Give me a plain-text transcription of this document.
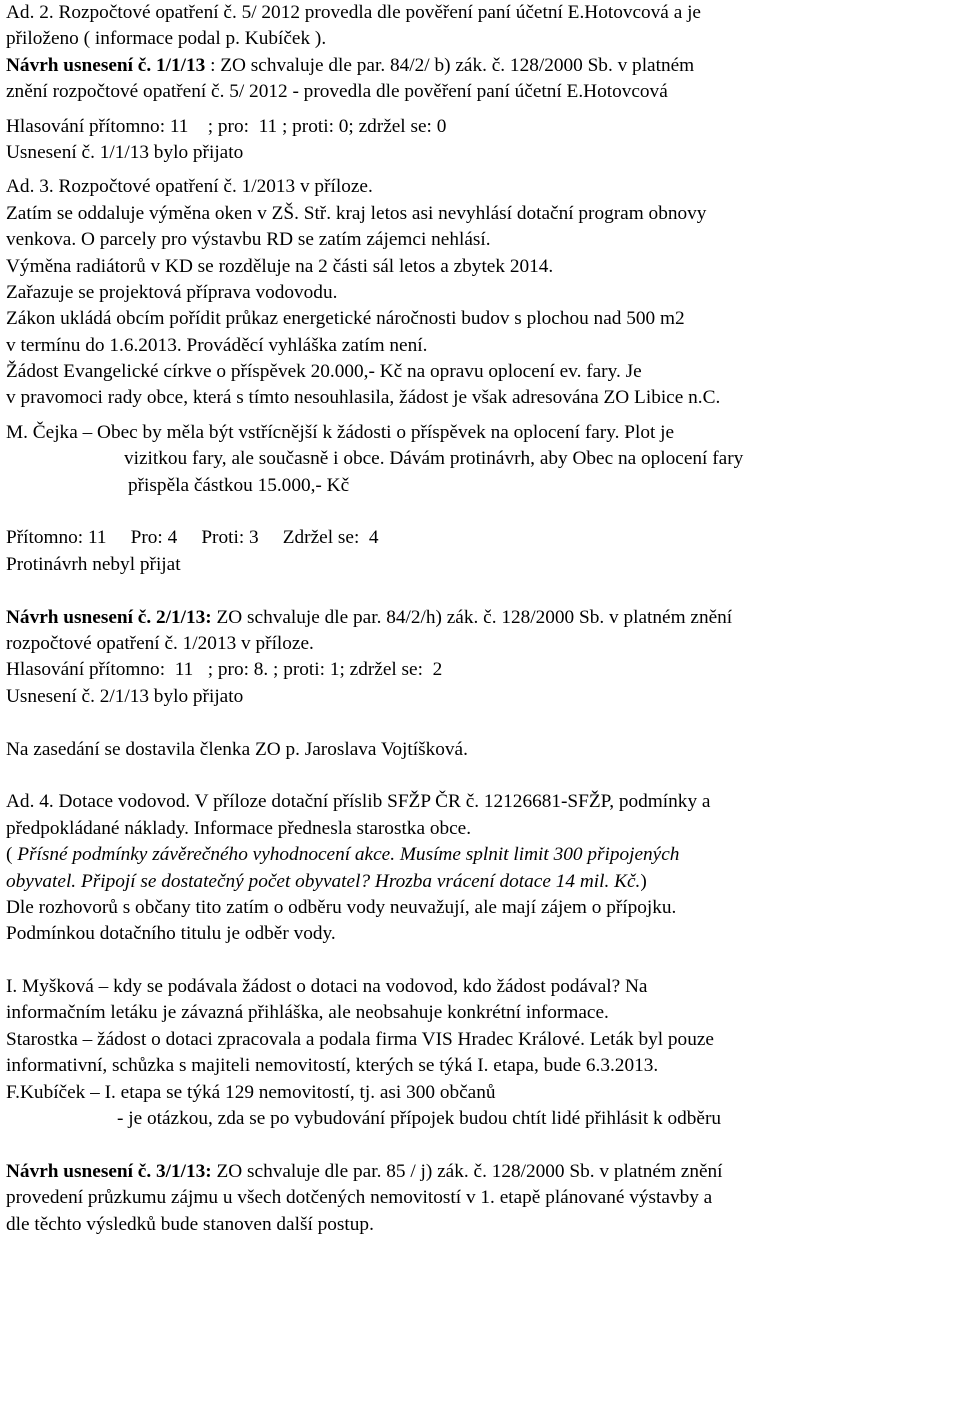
Ad. 2. Rozpočtové opatření č. 5/ 2012 provedla dle pověření paní účetní E.Hotovcová a je

přiloženo ( informace podal p. Kubíček ).

Návrh usnesení č. 1/1/13 : ZO schvaluje dle par. 84/2/ b) zák. č. 128/2000 Sb. v platném

znění rozpočtové opatření č. 5/ 2012 - provedla dle pověření paní účetní E.Hotovcová

Hlasování přítomno: 11    ; pro:  11 ; proti: 0; zdržel se: 0

Usnesení č. 1/1/13 bylo přijato

Ad. 3. Rozpočtové opatření č. 1/2013 v příloze.

Zatím se oddaluje výměna oken v ZŠ. Stř. kraj letos asi nevyhlásí dotační program obnovy

venkova. O parcely pro výstavbu RD se zatím zájemci nehlásí.

Výměna radiátorů v KD se rozděluje na 2 části sál letos a zbytek 2014.

Zařazuje se projektová příprava vodovodu.

Zákon ukládá obcím pořídit průkaz energetické náročnosti budov s plochou nad 500 m2

v termínu do 1.6.2013. Prováděcí vyhláška zatím není.

Žádost Evangelické církve o příspěvek 20.000,- Kč na opravu oplocení ev. fary. Je

v pravomoci rady obce, která s tímto nesouhlasila, žádost je však adresována ZO Libice n.C.

M. Čejka – Obec by měla být vstřícnější k žádosti o příspěvek na oplocení fary. Plot je

vizitkou fary, ale současně i obce. Dávám protinávrh, aby Obec na oplocení fary

přispěla částkou 15.000,- Kč

Přítomno: 11     Pro: 4     Proti: 3     Zdržel se:  4

Protinávrh nebyl přijat

Návrh usnesení č. 2/1/13: ZO schvaluje dle par. 84/2/h) zák. č. 128/2000 Sb. v platném znění

rozpočtové opatření č. 1/2013 v příloze.

Hlasování přítomno:  11   ; pro: 8. ; proti: 1; zdržel se:  2

Usnesení č. 2/1/13 bylo přijato

Na zasedání se dostavila členka ZO p. Jaroslava Vojtíšková.

Ad. 4. Dotace vodovod. V příloze dotační příslib SFŽP ČR č. 12126681-SFŽP, podmínky a

předpokládané náklady. Informace přednesla starostka obce.

( Přísné podmínky závěrečného vyhodnocení akce. Musíme splnit limit 300 připojených

obyvatel. Připojí se dostatečný počet obyvatel? Hrozba vrácení dotace 14 mil. Kč.)

Dle rozhovorů s občany tito zatím o odběru vody neuvažují, ale mají zájem o přípojku.

Podmínkou dotačního titulu je odběr vody.

I. Myšková – kdy se podávala žádost o dotaci na vodovod, kdo žádost podával? Na

informačním letáku je závazná přihláška, ale neobsahuje konkrétní informace.

Starostka – žádost o dotaci zpracovala a podala firma VIS Hradec Králové. Leták byl pouze

informativní, schůzka s majiteli nemovitostí, kterých se týká I. etapa, bude 6.3.2013.

F.Kubíček – I. etapa se týká 129 nemovitostí, tj. asi 300 občanů

- je otázkou, zda se po vybudování přípojek budou chtít lidé přihlásit k odběru

Návrh usnesení č. 3/1/13: ZO schvaluje dle par. 85 / j) zák. č. 128/2000 Sb. v platném znění

provedení průzkumu zájmu u všech dotčených nemovitostí v 1. etapě plánované výstavby a

dle těchto výsledků bude stanoven další postup.
